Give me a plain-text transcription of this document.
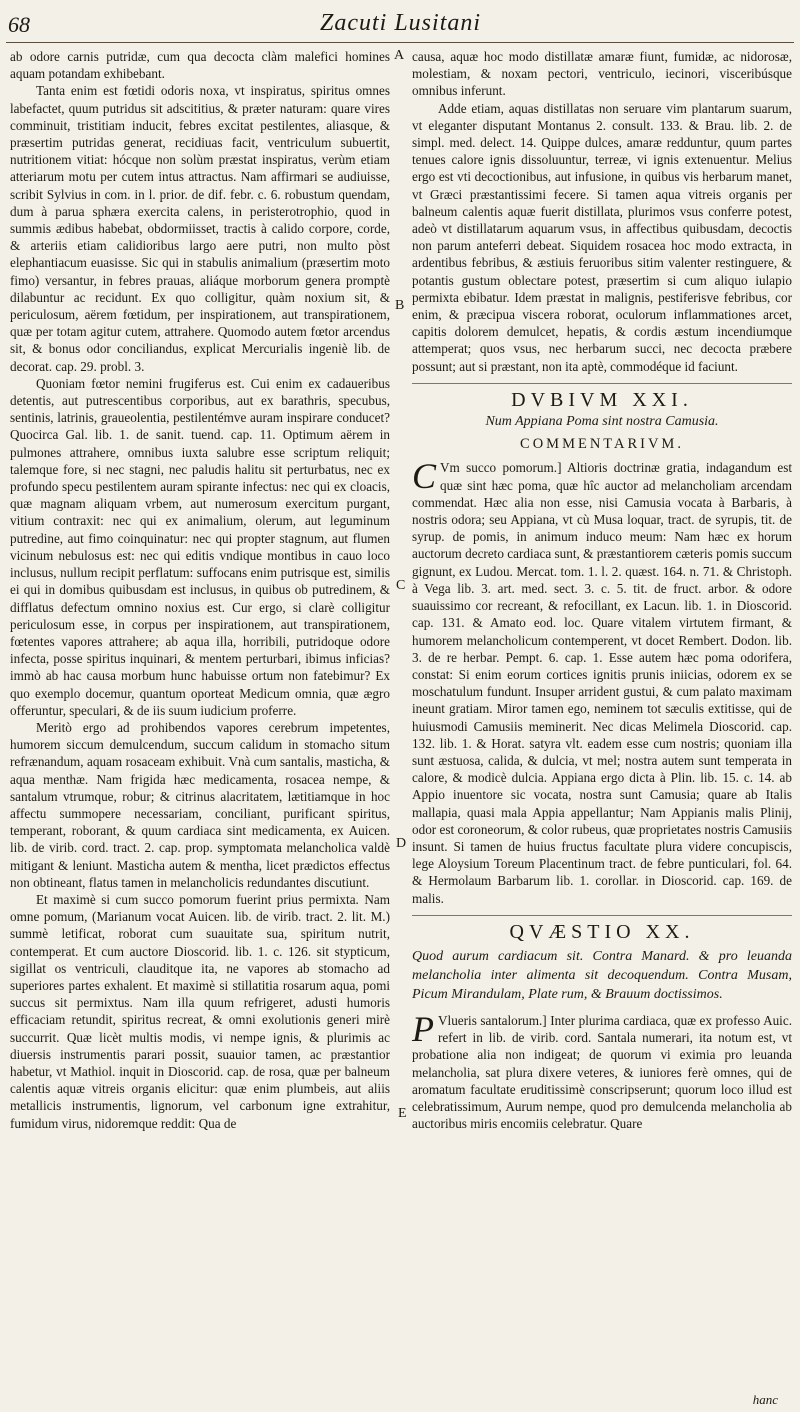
68	Zacuti Lusitani
A
B
C
D
E

ab odore carnis putridæ, cum qua decocta clàm malefici homines aquam potandam exhibebant.

Tanta enim est fœtidi odoris noxa, vt inspiratus, spiritus omnes labefactet, quum putridus sit adscititius, & præter naturam: quare vires comminuit, tristitiam inducit, febres excitat pestilentes, aliasque, & præsertim putridas generat, recidiuas facit, ventriculum subuertit, nutritionem vitiat: hócque non solùm præstat inspiratus, verùm etiam atteriarum motu per cutem intus attractus. Nam affirmari se audiuisse, scribit Sylvius in com. in l. prior. de dif. febr. c. 6. robustum quendam, dum à parua sphæra exercita calens, in peristerotrophio, quod in summis ædibus habebat, obdormiisset, tractis à calido corpore, corde, & arteriis etiam calidioribus largo aere putri, non multo pòst elephantiacum euasisse. Sic qui in stabulis animalium (præsertim moto fimo) versantur, in febres prauas, aliáque morborum genera promptè dilabuntur ac recidunt. Ex quo colligitur, quàm noxium sit, & periculosum, aërem fœtidum, per inspirationem, aut transpirationem, quæ per totam agitur cutem, attrahere. Quomodo autem fœtor arcendus sit, & bonus odor conciliandus, explicat Mercurialis ingeniè lib. de decorat. cap. 29. probl. 3.

Quoniam fœtor nemini frugiferus est. Cui enim ex cadaueribus detentis, aut putrescentibus corporibus, aut ex barathris, specubus, sentinis, latrinis, graueolentia, pestilentémve auram inspirare conducet? Quocirca Gal. lib. 1. de sanit. tuend. cap. 11. Optimum aërem in pulmones attrahere, omnibus iuxta salubre esse scriptum reliquit; talemque fore, si nec stagni, nec paludis halitu sit perturbatus, nec ex profundo specu pestilentem auram spirante infectus: nec qui ex cloacis, quæ magnam aliquam vrbem, aut numerosum exercitum purgant, vitium contraxit: nec qui ex animalium, olerum, aut leguminum putredine, aut fimo coinquinatur: nec qui propter stagnum, aut flumen vicinum nebulosus est: nec qui editis vndique montibus in cauo loco inclusus, nullum recipit perflatum: suffocans enim putrisque est, similis ei qui in domibus quibusdam est inclusus, in quibus ob putredinem, & difflatus defectum omnino noxius est. Cur ergo, si clarè colligitur periculosum esse, in corpus per inspirationem, aut transpirationem, fœtentes vapores attrahere; ab aqua illa, horribili, putridoque odore infecta, posse spiritus inquinari, & mentem perturbari, ibimus inficias? immò ab hac causa morbum hunc habuisse ortum non fatebimur? Ex quo exemplo docemur, quantum oporteat Medicum omnia, quæ ægro offeruntur, speculari, & de iis suum iudicium proferre.

Meritò ergo ad prohibendos vapores cerebrum impetentes, humorem siccum demulcendum, succum calidum in stomacho situm refrænandum, aquam rosaceam exhibuit. Vnà cum santalis, masticha, & aqua menthæ. Nam frigida hæc medicamenta, rosacea nempe, & santalum vtrumque, robur; & citrinus alacritatem, lætitiamque in hoc affectu summopere necessariam, conciliant, purificant spiritus, temperant, roborant, & quum cardiaca sint medicamenta, ex Auicen. lib. de virib. cord. tract. 2. cap. prop. symptomata melancholica valdè mitigant & leniunt. Masticha autem & mentha, licet prædictos effectus non obtineant, flatus tamen in melancholicis redundantes discutiunt.

Et maximè si cum succo pomorum fuerint prius permixta. Nam omne pomum, (Marianum vocat Auicen. lib. de virib. tract. 2. lit. M.) summè letificat, roborat cum suauitate sua, spiritum nutrit, contemperat. Et cum auctore Dioscorid. lib. 1. c. 126. sit stypticum, sigillat os ventriculi, clauditque ita, ne vapores ab stomacho ad superiores partes exhalent. Et maximè si stillatitia rosarum aqua, pomi succus sit permixtus. Nam illa quum refrigeret, adusti humoris efficaciam retundit, spiritus recreat, & omni exolutionis generi mirè succurrit. Quæ licèt multis modis, vi nempe ignis, & plurimis ac diuersis instrumentis parari possit, suauior tamen, ac præstantior habetur, vt Mathiol. inquit in Dioscorid. cap. de rosa, quæ per balneum calentis aquæ vitreis organis elicitur: quæ enim plumbeis, aut aliis metallicis instrumentis, lignorum, vel carbonum igne extrahitur, fumidum virus, nidoremque reddit: Qua de

causa, aquæ hoc modo distillatæ amaræ fiunt, fumidæ, ac nidorosæ, molestiam, & noxam pectori, ventriculo, iecinori, visceribúsque omnibus inferunt.

Adde etiam, aquas distillatas non seruare vim plantarum suarum, vt eleganter disputant Montanus 2. consult. 133. & Brau. lib. 2. de simpl. med. delect. 14. Quippe dulces, amaræ redduntur, quum partes tenues calore ignis dissoluuntur, terreæ, vi ignis extenuentur. Melius ergo est vti decoctionibus, aut infusione, in quibus vis herbarum manet, vt Græci præstantissimi fecere. Si tamen aqua vitreis organis per balneum calentis aquæ fuerit distillata, plurimos vsus conferre potest, adeò vt distillatarum aquarum vsus, in affectibus quibusdam, decoctis non parum anteferri debeat. Siquidem rosacea hoc modo extracta, in ardentibus febribus, & æstiuis feruoribus sitim valenter restinguere, & potantis gustum oblectare potest, præsertim si cum aliquo iulapio permixta ebibatur. Idem præstat in malignis, pestiferisve febribus, cor enim, & præcipua viscera roborat, oculorum inflammationes arcet, capitis dolorem demulcet, hepatis, & cordis æstum incendiumque attemperat; quos vsus, nec herbarum succi, nec decocta præbere possunt; aut si præstant, non ita aptè, commodéque id faciunt.

DVBIVM XXI.
Num Appiana Poma sint nostra Camusia.
COMMENTARIVM.

C Vm succo pomorum.] Altioris doctrinæ gratia, indagandum est quæ sint hæc poma, quæ hîc auctor ad melancholiam arcendam commendat. Hæc alia non esse, nisi Camusia vocata à Barbaris, à nostris odora; seu Appiana, vt cù Musa loquar, tract. de syrupis, tit. de syrup. de pomis, in animum induco meum: Nam hæc ex horum auctorum decreto cardiaca sunt, & præstantiorem cæteris pomis succum gignunt, ex Ludou. Mercat. tom. 1. l. 2. quæst. 164. n. 71. & Christoph. à Vega lib. 3. art. med. sect. 3. c. 5. tit. de fruct. arbor. & odore suauissimo cor recreant, & refocillant, ex Lacun. lib. 1. in Dioscorid. cap. 131. & Amato eod. loc. Quare vitalem virtutem firmant, & humorem melancholicum contemperent, vt docet Rembert. Dodon. lib. 3. de re herbar. Pempt. 6. cap. 1. Esse autem hæc poma odorifera, constat: Si enim eorum cortices ignitis prunis iniicias, odorem ex se moschatulum fundunt. Insuper arrident gustui, & cum palato maximam ineunt gratiam. Miror tamen ego, neminem tot sæculis extitisse, qui de huiusmodi Camusiis meminerit. Nec dicas Melimela Dioscorid. cap. 132. lib. 1. & Horat. satyra vlt. eadem esse cum nostris; quoniam illa sunt æstuosa, calida, & dulcia, vt mel; nostra autem sunt temperata in calore, & modicè dulcia. Appiana ergo dicta à Plin. lib. 15. c. 14. ab Appio inuentore sic vocata, nostra sunt Camusia; quare ab Italis mallapia, quasi mala Appia appellantur; Nam Appianis malis Plinij, odor est coroneorum, & color rubeus, quæ proprietates nostris Camusiis insunt. Si tamen de huius fructus facultate plura videre concupiscis, lege Aloysium Toreum Placentinum tract. de febre punticulari, fol. 64. & Hermolaum Barbarum lib. 1. corollar. in Dioscorid. cap. 169. de malis.

QVÆSTIO XX.
Quod aurum cardiacum sit. Contra Manard. & pro leuanda melancholia inter alimenta sit decoquendum. Contra Musam, Picum Mirandulam, Plate rum, & Brauum doctissimos.

P Vlueris santalorum.] Inter plurima cardiaca, quæ ex professo Auic. refert in lib. de virib. cord. Santala numerari, ita notum est, vt probatione alia non indigeat; de quorum vi eximia pro leuanda melancholia, sat plura dixere veteres, & iuniores ferè omnes, qui de aromatum facultate eruditissimè conscripserunt; quorum loco illud est celebratissimum, Aurum nempe, quod pro demulcenda melancholia ab auctoribus miris encomiis celebratur. Quare

hanc
